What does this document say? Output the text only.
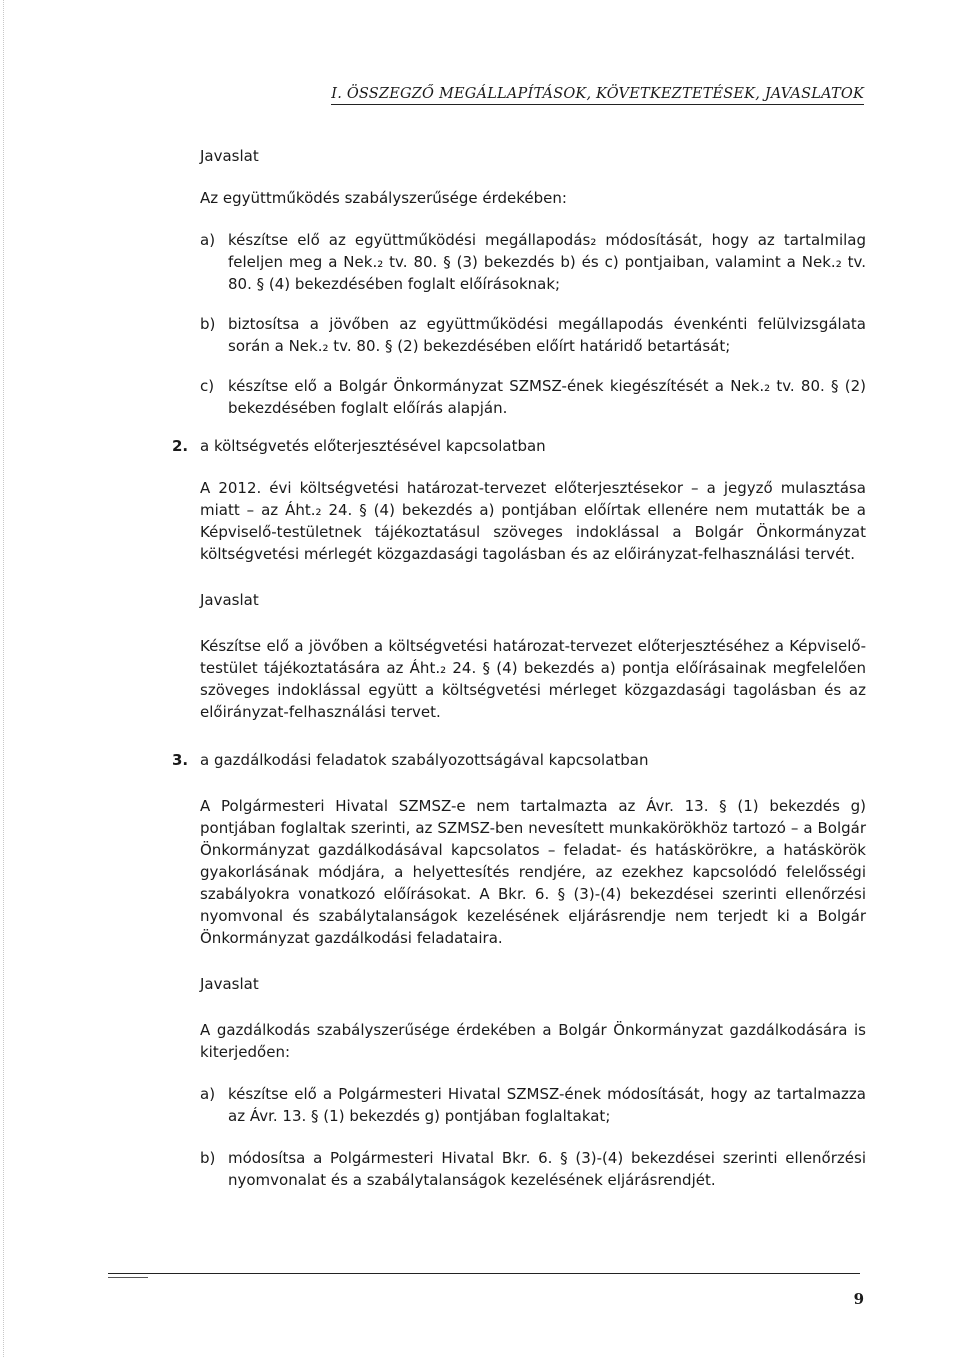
I. ÖSSZEGZŐ MEGÁLLAPÍTÁSOK, KÖVETKEZTETÉSEK, JAVASLATOK

Javaslat

Az együttműködés szabályszerűsége érdekében:

a) készítse elő az együttműködési megállapodás₂ módosítását, hogy az tartalmilag feleljen meg a Nek.₂ tv. 80. § (3) bekezdés b) és c) pontjaiban, valamint a Nek.₂ tv. 80. § (4) bekezdésében foglalt előírásoknak;
b) biztosítsa a jövőben az együttműködési megállapodás évenkénti felülvizsgálata során a Nek.₂ tv. 80. § (2) bekezdésében előírt határidő betartását;
c) készítse elő a Bolgár Önkormányzat SZMSZ-ének kiegészítését a Nek.₂ tv. 80. § (2) bekezdésében foglalt előírás alapján.
2. a költségvetés előterjesztésével kapcsolatban

A 2012. évi költségvetési határozat-tervezet előterjesztésekor – a jegyző mulasztása miatt – az Áht.₂ 24. § (4) bekezdés a) pontjában előírtak ellenére nem mutatták be a Képviselő-testületnek tájékoztatásul szöveges indoklással a Bolgár Önkormányzat költségvetési mérlegét közgazdasági tagolásban és az előirányzat-felhasználási tervét.

Javaslat

Készítse elő a jövőben a költségvetési határozat-tervezet előterjesztéséhez a Képviselő-testület tájékoztatására az Áht.₂ 24. § (4) bekezdés a) pontja előírásainak megfelelően szöveges indoklással együtt a költségvetési mérleget közgazdasági tagolásban és az előirányzat-felhasználási tervet.

3. a gazdálkodási feladatok szabályozottságával kapcsolatban

A Polgármesteri Hivatal SZMSZ-e nem tartalmazta az Ávr. 13. § (1) bekezdés g) pontjában foglaltak szerinti, az SZMSZ-ben nevesített munkakörökhöz tartozó – a Bolgár Önkormányzat gazdálkodásával kapcsolatos – feladat- és hatáskörökre, a hatáskörök gyakorlásának módjára, a helyettesítés rendjére, az ezekhez kapcsolódó felelősségi szabályokra vonatkozó előírásokat. A Bkr. 6. § (3)-(4) bekezdései szerinti ellenőrzési nyomvonal és szabálytalanságok kezelésének eljárásrendje nem terjedt ki a Bolgár Önkormányzat gazdálkodási feladataira.

Javaslat

A gazdálkodás szabályszerűsége érdekében a Bolgár Önkormányzat gazdálkodására is kiterjedően:

a) készítse elő a Polgármesteri Hivatal SZMSZ-ének módosítását, hogy az tartalmazza az Ávr. 13. § (1) bekezdés g) pontjában foglaltakat;
b) módosítsa a Polgármesteri Hivatal Bkr. 6. § (3)-(4) bekezdései szerinti ellenőrzési nyomvonalat és a szabálytalanságok kezelésének eljárásrendjét.
9
